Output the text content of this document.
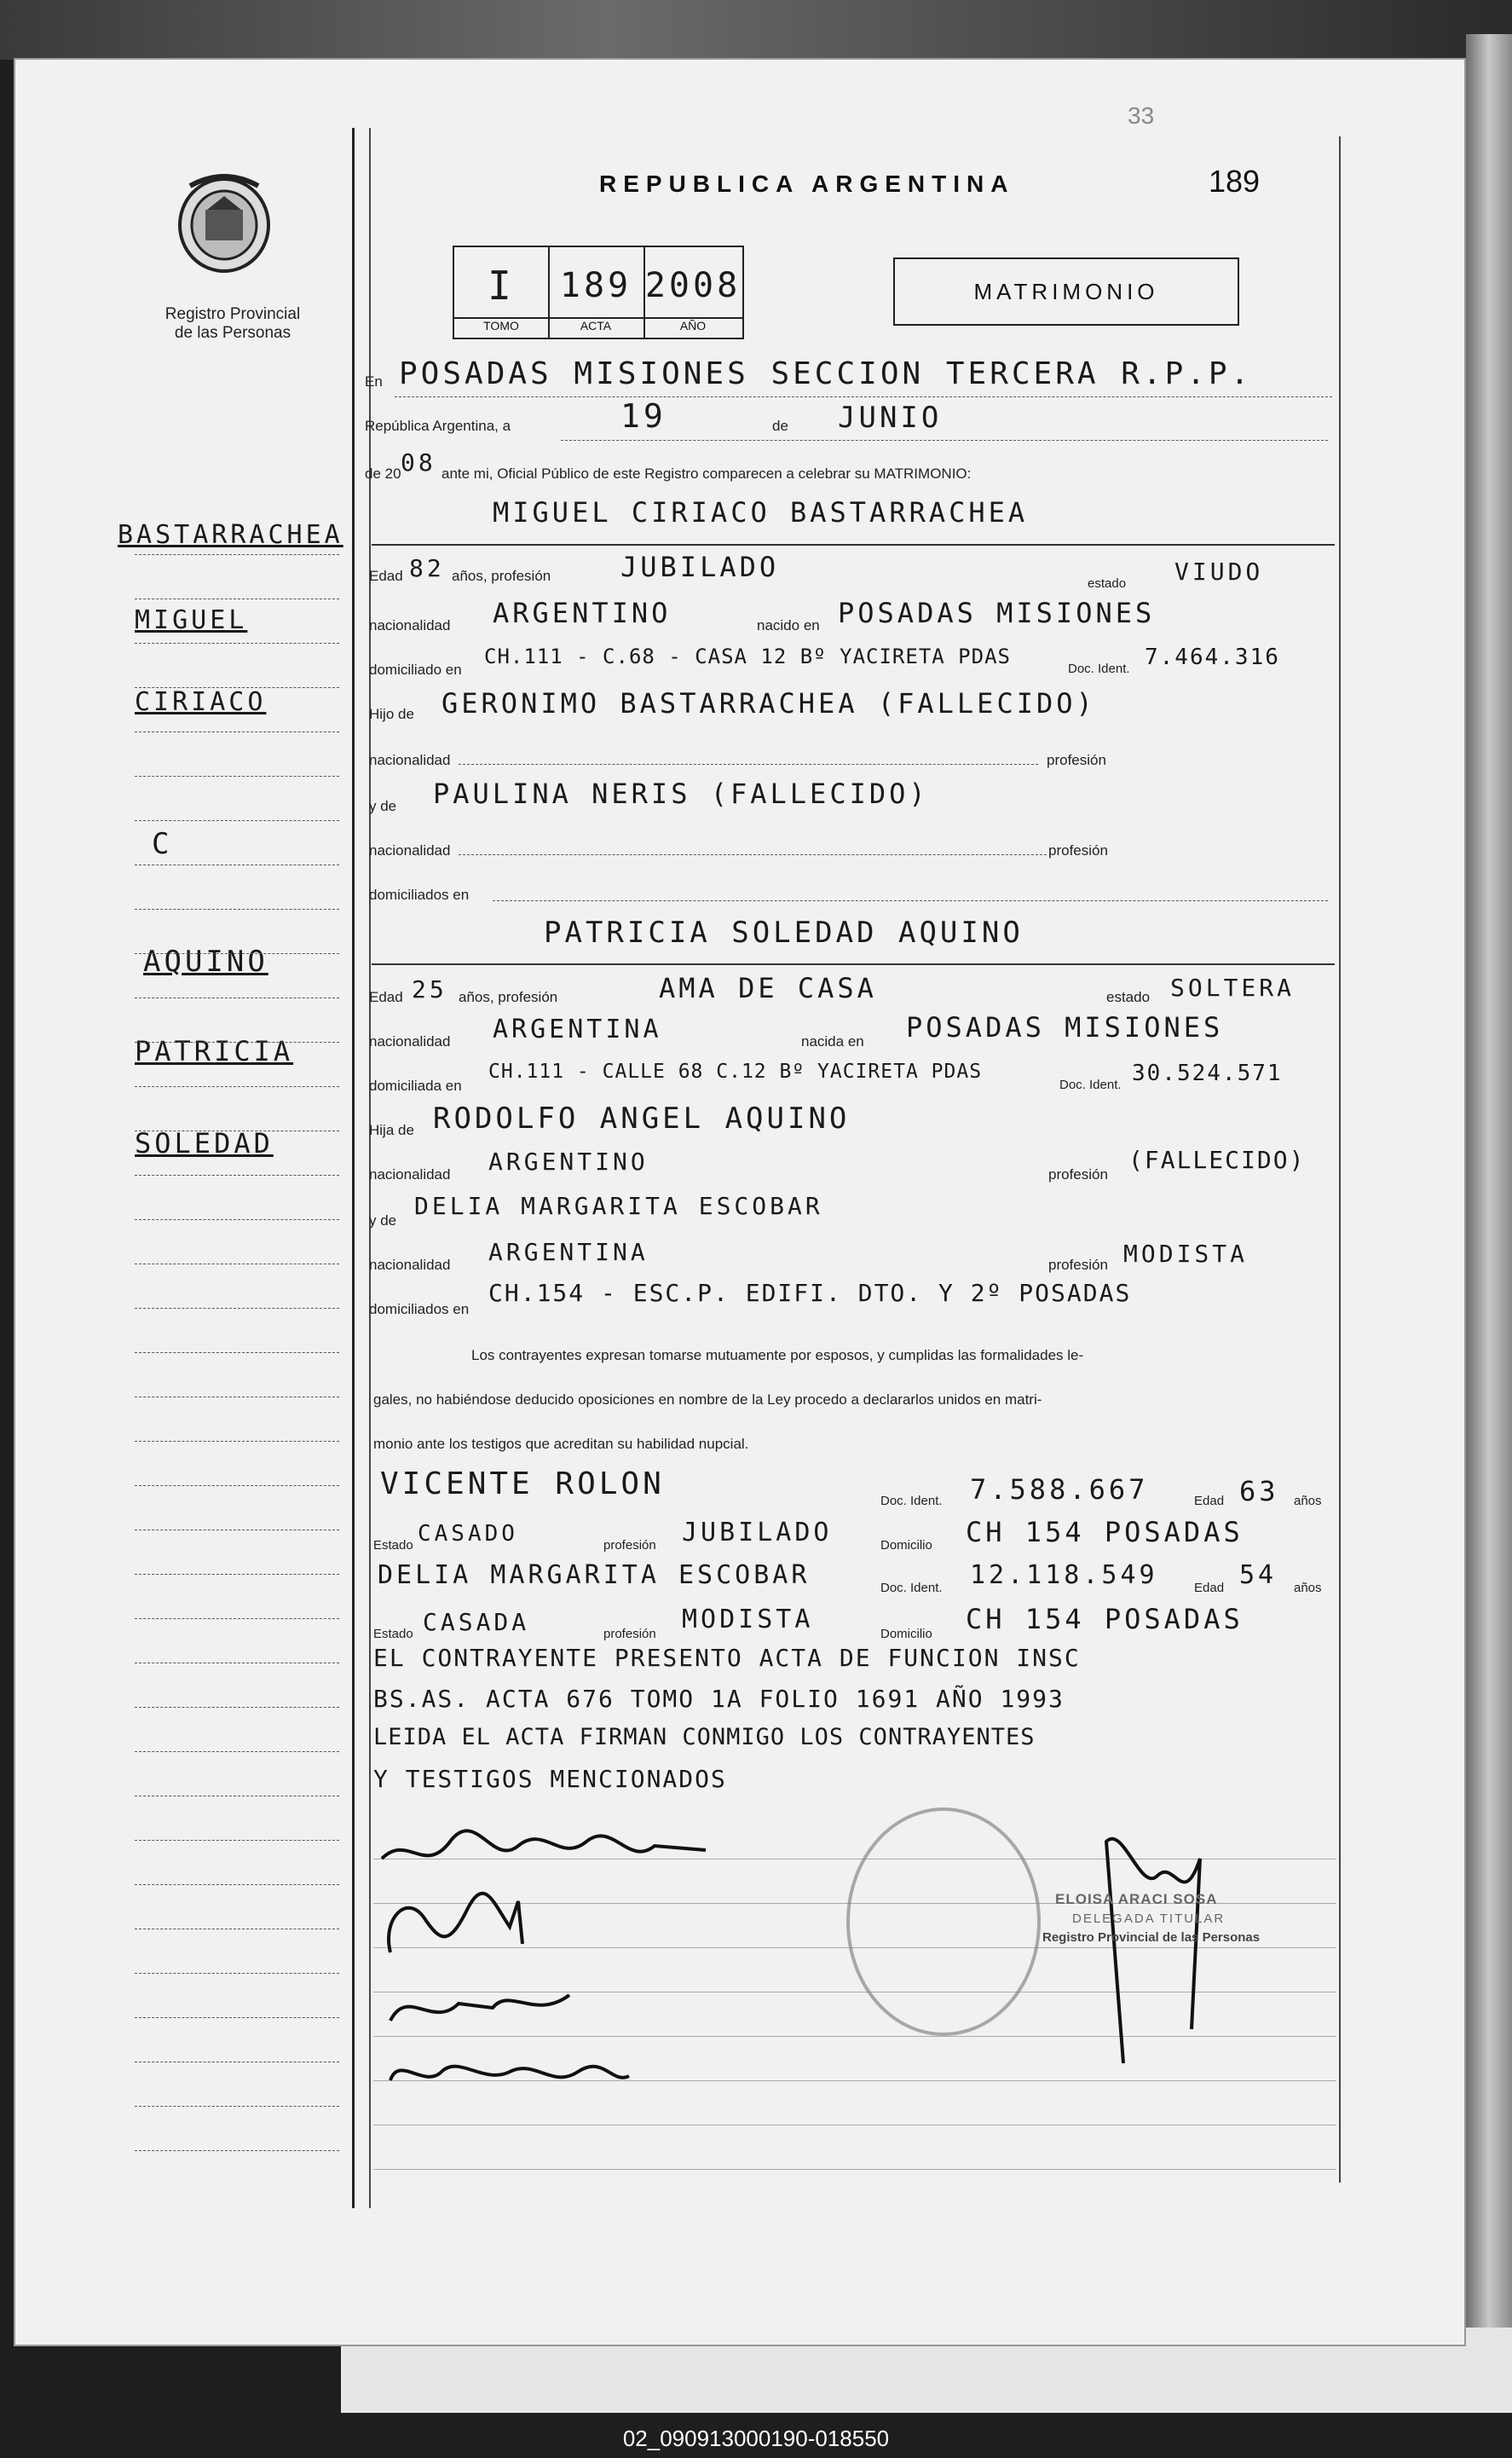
Registro Provincial
de las Personas
REPUBLICA ARGENTINA	189
33
I	189 2008
TOMO	ACTA	AÑO
MATRIMONIO
En POSADAS MISIONES SECCION TERCERA R.P.P.
República Argentina, a	19	de JUNIO
de 20 08 ante mi, Oficial Público de este Registro comparecen a celebrar su MATRIMONIO:
BASTARRACHEA
MIGUEL
CIRIACO
C
AQUINO
PATRICIA
SOLEDAD
MIGUEL CIRIACO BASTARRACHEA
Edad 82 años, profesión	JUBILADO
estado VIUDO
nacionalidad ARGENTINO	nacido en POSADAS MISIONES
domiciliado en
CH.111 - C.68 - CASA 12 Bº YACIRETA PDAS
Doc. Ident. 7.464.316
Hijo de GERONIMO BASTARRACHEA (FALLECIDO)
nacionalidad	profesión
y de PAULINA NERIS (FALLECIDO)
nacionalidad	profesión
domiciliados en
PATRICIA SOLEDAD AQUINO
Edad 25 años, profesión	AMA DE CASA	estado SOLTERA
nacionalidad ARGENTINA	nacida en POSADAS MISIONES
domiciliada en
CH.111 - CALLE 68 C.12 Bº YACIRETA PDAS
Doc. Ident. 30.524.571
Hija de RODOLFO ANGEL AQUINO
nacionalidad ARGENTINO	profesión
(FALLECIDO)
y de
DELIA MARGARITA ESCOBAR
nacionalidad ARGENTINA	profesión MODISTA
domiciliados en
CH.154 - ESC.P. EDIFI. DTO. Y 2º POSADAS
Los contrayentes expresan tomarse mutuamente por esposos, y cumplidas las formalidades le-
gales, no habiéndose deducido oposiciones en nombre de la Ley procedo a declararlos unidos en matri-
monio ante los testigos que acreditan su habilidad nupcial.
VICENTE ROLON	Doc. Ident. 7.588.667	Edad 63 años
Estado CASADO	profesión JUBILADO	Domicilio CH 154 POSADAS
DELIA MARGARITA ESCOBAR	Doc. Ident. 12.118.549	Edad 54 años
Estado CASADA	profesión MODISTA	Domicilio CH 154 POSADAS
EL CONTRAYENTE PRESENTO ACTA DE FUNCION INSC
BS.AS. ACTA 676 TOMO 1A FOLIO 1691 AÑO 1993
LEIDA EL ACTA FIRMAN CONMIGO LOS CONTRAYENTES
Y TESTIGOS MENCIONADOS
ELOISA ARACI SOSA
DELEGADA TITULAR
Registro Provincial de las Personas
02_090913000190-018550
